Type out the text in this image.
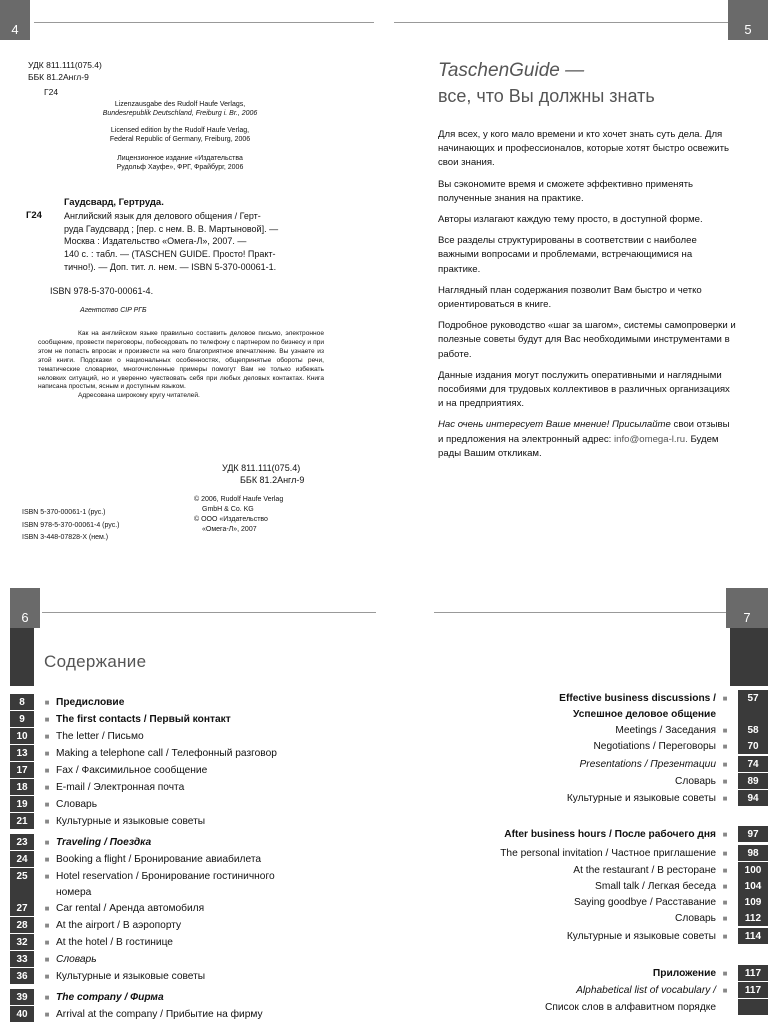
4
УДК 811.111(075.4)
ББК 81.2Англ-9
Г24
Lizenzausgabe des Rudolf Haufe Verlags,
Bundesrepublik Deutschland, Freiburg i. Br., 2006
Licensed edition by the Rudolf Haufe Verlag,
Federal Republic of Germany, Freiburg, 2006
Лицензионное издание «Издательства
Рудольф Хауфе», ФРГ, Фрайбург, 2006
Гаудсвард, Гертруда.
Г24 Английский язык для делового общения / Герт-
руда Гаудсвард ; [пер. с нем. В. В. Мартыновой]. —
Москва : Издательство «Омега-Л», 2007. —
140 с. : табл. — (TASCHEN GUIDE. Просто! Практ-
тично!). — Доп. тит. л. нем. — ISBN 5-370-00061-1.
ISBN 978-5-370-00061-4.
Агентство CIP РГБ
Как на английском языке правильно составить деловое письмо, электронное сообщение, провести переговоры, побеседовать по телефону с партнером по бизнесу и при этом не попасть впросак и произвести на него благоприятное впечатление. Вы узнаете из этой книги. Подсказки о национальных особенностях, общепринятые обороты речи, тематические словарики, многочисленные примеры помогут Вам не только избежать неловких ситуаций, но и уверенно чувствовать себя при любых деловых контактах. Книга написана простым, ясным и доступным языком.
Адресована широкому кругу читателей.
УДК 811.111(075.4)
ББК 81.2Англ-9
ISBN 5-370-00061-1 (рус.)
ISBN 978-5-370-00061-4 (рус.)
ISBN 3-448-07828-X (нем.)
© 2006, Rudolf Haufe Verlag
GmbH & Co. KG
© ООО «Издательство
«Омега-Л», 2007
5
TaschenGuide —
все, что Вы должны знать

Для всех, у кого мало времени и кто хочет знать суть дела. Для начинающих и профессионалов, которые хотят быстро освежить свои знания.

Вы сэкономите время и сможете эффективно применять полученные знания на практике.

Авторы излагают каждую тему просто, в доступной форме.

Все разделы структурированы в соответствии с наиболее важными вопросами и проблемами, встречающимися на практике.

Наглядный план содержания позволит Вам быстро и четко ориентироваться в книге.

Подробное руководство «шаг за шагом», системы самопроверки и полезные советы будут для Вас необходимыми инструментами в работе.

Данные издания могут послужить оперативными и наглядными пособиями для трудовых коллективов в различных организациях и на предприятиях.

Нас очень интересует Ваше мнение! Присылайте свои отзывы и предложения на электронный адрес: info@omega-l.ru. Будем рады Вашим откликам.

6
Содержание
8	■ Предисловие
9	■ The first contacts / Первый контакт
10	■ The letter / Письмо
13	■ Making a telephone call / Телефонный разговор
17	■ Fax / Факсимильное сообщение
18	■ E-mail / Электронная почта
19	■ Словарь
21	■ Культурные и языковые советы
23	■ Traveling / Поездка
24	■ Booking a flight / Бронирование авиабилета
25	■ Hotel reservation / Бронирование гостиничного
номера
27	■ Car rental / Аренда автомобиля
28	■ At the airport / В аэропорту
32	■ At the hotel / В гостинице
33	■ Словарь
36	■ Культурные и языковые советы
39	■ The company / Фирма
40	■ Arrival at the company / Прибытие на фирму
7
Effective business discussions / ■	57
Успешное деловое общение
Meetings / Заседания ■	58
Negotiations / Переговоры ■	70
Presentations / Презентации ■	74
Словарь ■	89
Культурные и языковые советы ■	94
After business hours / После рабочего дня ■	97
The personal invitation / Частное приглашение ■	98
At the restaurant / В ресторане ■	100
Small talk / Легкая беседа ■	104
Saying goodbye / Расставание ■	109
Словарь ■	112
Культурные и языковые советы ■	114
Приложение ■	117
Alphabetical list of vocabulary / ■	117
Список слов в алфавитном порядке
